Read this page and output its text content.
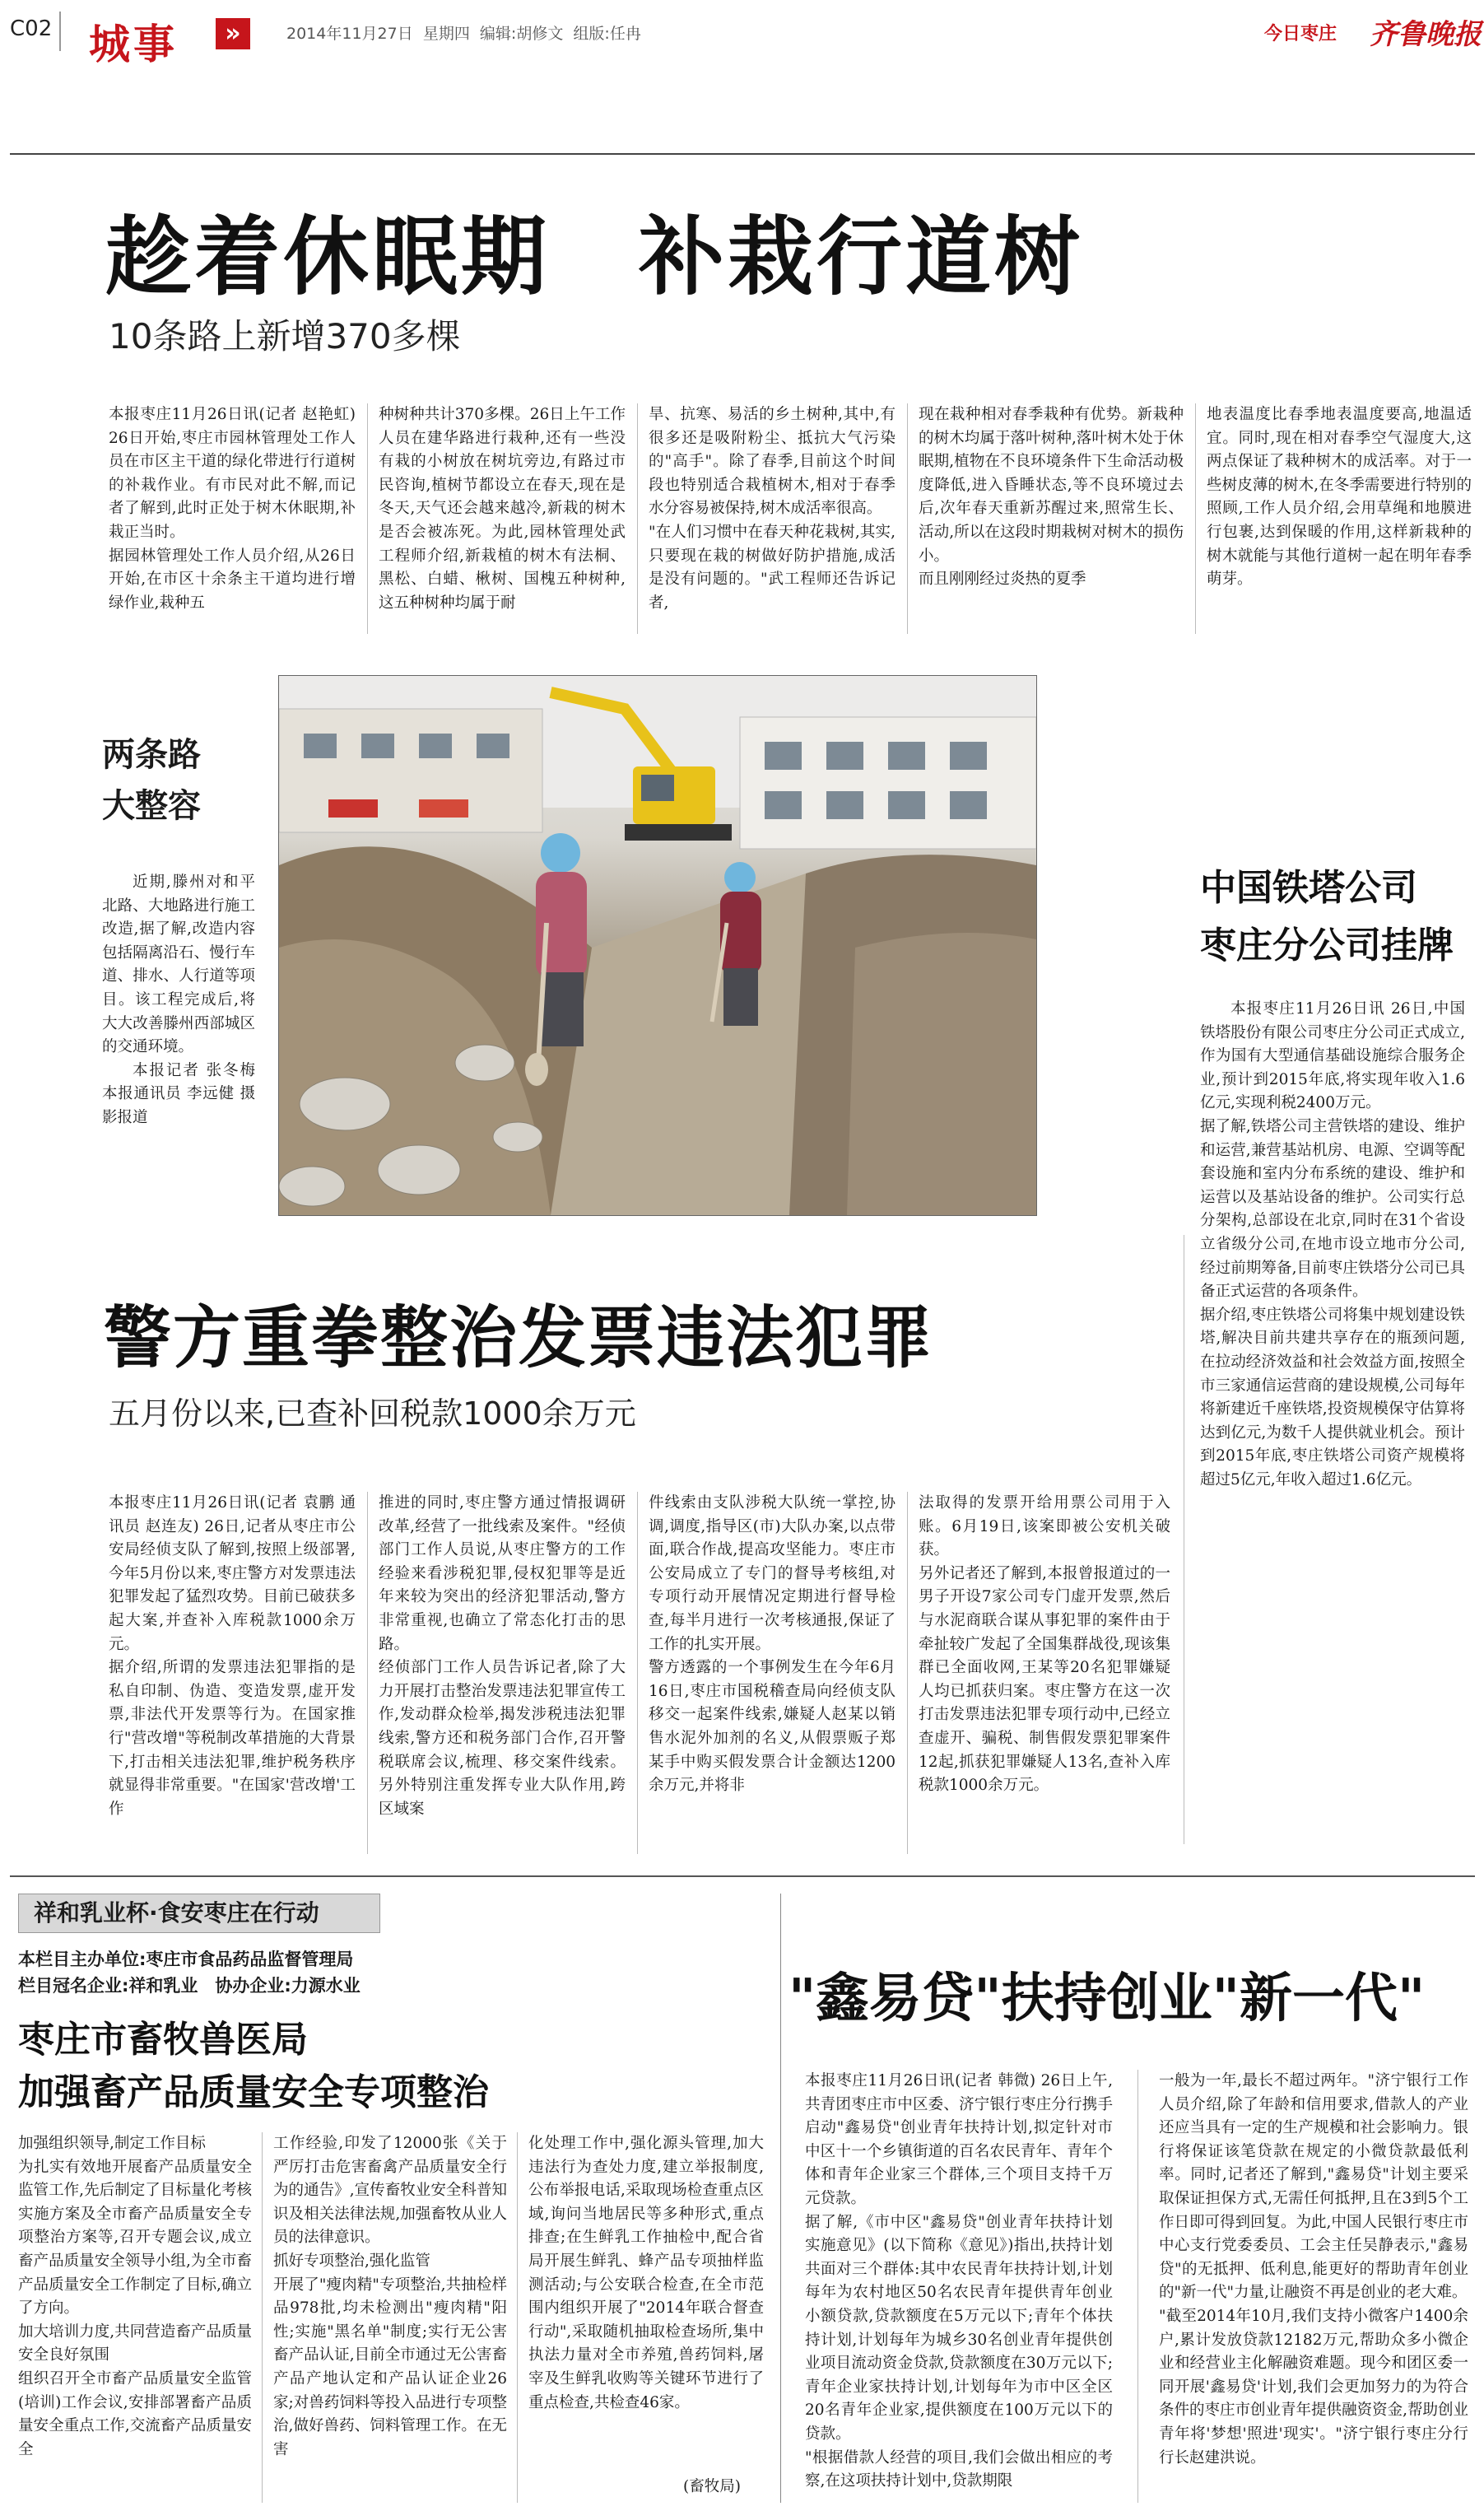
C02 城事	»	2014年11月27日 星期四 编辑:胡修文 组版:任冉	今日枣庄 齐鲁晚报
趁着休眠期　补栽行道树
10条路上新增370多棵
本报枣庄11月26日讯(记者 赵艳虹) 26日开始,枣庄市园林管理处工作人员在市区主干道的绿化带进行行道树的补栽作业。有市民对此不解,而记者了解到,此时正处于树木休眠期,补栽正当时。
据园林管理处工作人员介绍,从26日开始,在市区十余条主干道均进行增绿作业,栽种五
种树种共计370多棵。26日上午工作人员在建华路进行栽种,还有一些没有栽的小树放在树坑旁边,有路过市民咨询,植树节都设立在春天,现在是冬天,天气还会越来越冷,新栽的树木是否会被冻死。为此,园林管理处武工程师介绍,新栽植的树木有法桐、黑松、白蜡、楸树、国槐五种树种,这五种树种均属于耐
旱、抗寒、易活的乡土树种,其中,有很多还是吸附粉尘、抵抗大气污染的"高手"。除了春季,目前这个时间段也特别适合栽植树木,相对于春季水分容易被保持,树木成活率很高。
"在人们习惯中在春天种花栽树,其实,只要现在栽的树做好防护措施,成活是没有问题的。"武工程师还告诉记者,
现在栽种相对春季栽种有优势。新栽种的树木均属于落叶树种,落叶树木处于休眠期,植物在不良环境条件下生命活动极度降低,进入昏睡状态,等不良环境过去后,次年春天重新苏醒过来,照常生长、活动,所以在这段时期栽树对树木的损伤小。
而且刚刚经过炎热的夏季
地表温度比春季地表温度要高,地温适宜。同时,现在相对春季空气湿度大,这两点保证了栽种树木的成活率。对于一些树皮薄的树木,在冬季需要进行特别的照顾,工作人员介绍,会用草绳和地膜进行包裹,达到保暖的作用,这样新栽种的树木就能与其他行道树一起在明年春季萌芽。
两条路
大整容

近期,滕州对和平北路、大地路进行施工改造,据了解,改造内容包括隔离沿石、慢行车道、排水、人行道等项目。该工程完成后,将大大改善滕州西部城区的交通环境。

本报记者 张冬梅 本报通讯员 李远健 摄影报道

中国铁塔公司
枣庄分公司挂牌
本报枣庄11月26日讯 26日,中国铁塔股份有限公司枣庄分公司正式成立,作为国有大型通信基础设施综合服务企业,预计到2015年底,将实现年收入1.6亿元,实现利税2400万元。
据了解,铁塔公司主营铁塔的建设、维护和运营,兼营基站机房、电源、空调等配套设施和室内分布系统的建设、维护和运营以及基站设备的维护。公司实行总分架构,总部设在北京,同时在31个省设立省级分公司,在地市设立地市分公司,经过前期筹备,目前枣庄铁塔分公司已具备正式运营的各项条件。
据介绍,枣庄铁塔公司将集中规划建设铁塔,解决目前共建共享存在的瓶颈问题,在拉动经济效益和社会效益方面,按照全市三家通信运营商的建设规模,公司每年将新建近千座铁塔,投资规模保守估算将达到亿元,为数千人提供就业机会。预计到2015年底,枣庄铁塔公司资产规模将超过5亿元,年收入超过1.6亿元。
警方重拳整治发票违法犯罪
五月份以来,已查补回税款1000余万元
本报枣庄11月26日讯(记者 袁鹏 通讯员 赵连友) 26日,记者从枣庄市公安局经侦支队了解到,按照上级部署,今年5月份以来,枣庄警方对发票违法犯罪发起了猛烈攻势。目前已破获多起大案,并查补入库税款1000余万元。
据介绍,所谓的发票违法犯罪指的是私自印制、伪造、变造发票,虚开发票,非法代开发票等行为。在国家推行"营改增"等税制改革措施的大背景下,打击相关违法犯罪,维护税务秩序就显得非常重要。"在国家'营改增'工作
推进的同时,枣庄警方通过情报调研改革,经营了一批线索及案件。"经侦部门工作人员说,从枣庄警方的工作经验来看涉税犯罪,侵权犯罪等是近年来较为突出的经济犯罪活动,警方非常重视,也确立了常态化打击的思路。
经侦部门工作人员告诉记者,除了大力开展打击整治发票违法犯罪宣传工作,发动群众检举,揭发涉税违法犯罪线索,警方还和税务部门合作,召开警税联席会议,梳理、移交案件线索。另外特别注重发挥专业大队作用,跨区域案
件线索由支队涉税大队统一掌控,协调,调度,指导区(市)大队办案,以点带面,联合作战,提高攻坚能力。枣庄市公安局成立了专门的督导考核组,对专项行动开展情况定期进行督导检查,每半月进行一次考核通报,保证了工作的扎实开展。
警方透露的一个事例发生在今年6月16日,枣庄市国税稽查局向经侦支队移交一起案件线索,嫌疑人赵某以销售水泥外加剂的名义,从假票贩子郑某手中购买假发票合计金额达1200余万元,并将非
法取得的发票开给用票公司用于入账。6月19日,该案即被公安机关破获。
另外记者还了解到,本报曾报道过的一男子开设7家公司专门虚开发票,然后与水泥商联合谋从事犯罪的案件由于牵扯较广发起了全国集群战役,现该集群已全面收网,王某等20名犯罪嫌疑人均已抓获归案。枣庄警方在这一次打击发票违法犯罪专项行动中,已经立查虚开、骗税、制售假发票犯罪案件12起,抓获犯罪嫌疑人13名,查补入库税款1000余万元。
祥和乳业杯·食安枣庄在行动
本栏目主办单位:枣庄市食品药品监督管理局
栏目冠名企业:祥和乳业　协办企业:力源水业
枣庄市畜牧兽医局
加强畜产品质量安全专项整治
加强组织领导,制定工作目标
为扎实有效地开展畜产品质量安全监管工作,先后制定了目标量化考核实施方案及全市畜产品质量安全专项整治方案等,召开专题会议,成立畜产品质量安全领导小组,为全市畜产品质量安全工作制定了目标,确立了方向。
加大培训力度,共同营造畜产品质量安全良好氛围
组织召开全市畜产品质量安全监管(培训)工作会议,安排部署畜产品质量安全重点工作,交流畜产品质量安全
工作经验,印发了12000张《关于严厉打击危害畜禽产品质量安全行为的通告》,宣传畜牧业安全科普知识及相关法律法规,加强畜牧从业人员的法律意识。
抓好专项整治,强化监管
开展了"瘦肉精"专项整治,共抽检样品978批,均未检测出"瘦肉精"阳性;实施"黑名单"制度;实行无公害畜产品认证,目前全市通过无公害畜产品产地认定和产品认证企业26家;对兽药饲料等投入品进行专项整治,做好兽药、饲料管理工作。在无害
化处理工作中,强化源头管理,加大违法行为查处力度,建立举报制度,公布举报电话,采取现场检查重点区域,询问当地居民等多种形式,重点排查;在生鲜乳工作抽检中,配合省局开展生鲜乳、蜂产品专项抽样监测活动;与公安联合检查,在全市范围内组织开展了"2014年联合督查行动",采取随机抽取检查场所,集中执法力量对全市养殖,兽药饲料,屠宰及生鲜乳收购等关键环节进行了重点检查,共检查46家。
(畜牧局)
"鑫易贷"扶持创业"新一代"
本报枣庄11月26日讯(记者 韩微) 26日上午,共青团枣庄市中区委、济宁银行枣庄分行携手启动"鑫易贷"创业青年扶持计划,拟定针对市中区十一个乡镇街道的百名农民青年、青年个体和青年企业家三个群体,三个项目支持千万元贷款。
据了解,《市中区"鑫易贷"创业青年扶持计划实施意见》(以下简称《意见》)指出,扶持计划共面对三个群体:其中农民青年扶持计划,计划每年为农村地区50名农民青年提供青年创业小额贷款,贷款额度在5万元以下;青年个体扶持计划,计划每年为城乡30名创业青年提供创业项目流动资金贷款,贷款额度在30万元以下;青年企业家扶持计划,计划每年为市中区全区20名青年企业家,提供额度在100万元以下的贷款。
"根据借款人经营的项目,我们会做出相应的考察,在这项扶持计划中,贷款期限
一般为一年,最长不超过两年。"济宁银行工作人员介绍,除了年龄和信用要求,借款人的产业还应当具有一定的生产规模和社会影响力。银行将保证该笔贷款在规定的小微贷款最低利率。同时,记者还了解到,"鑫易贷"计划主要采取保证担保方式,无需任何抵押,且在3到5个工作日即可得到回复。为此,中国人民银行枣庄市中心支行党委委员、工会主任吴静表示,"鑫易贷"的无抵押、低利息,能更好的帮助青年创业的"新一代"力量,让融资不再是创业的老大难。
"截至2014年10月,我们支持小微客户1400余户,累计发放贷款12182万元,帮助众多小微企业和经营业主化解融资难题。现今和团区委一同开展'鑫易贷'计划,我们会更加努力的为符合条件的枣庄市创业青年提供融资资金,帮助创业青年将'梦想'照进'现实'。"济宁银行枣庄分行行长赵建洪说。
